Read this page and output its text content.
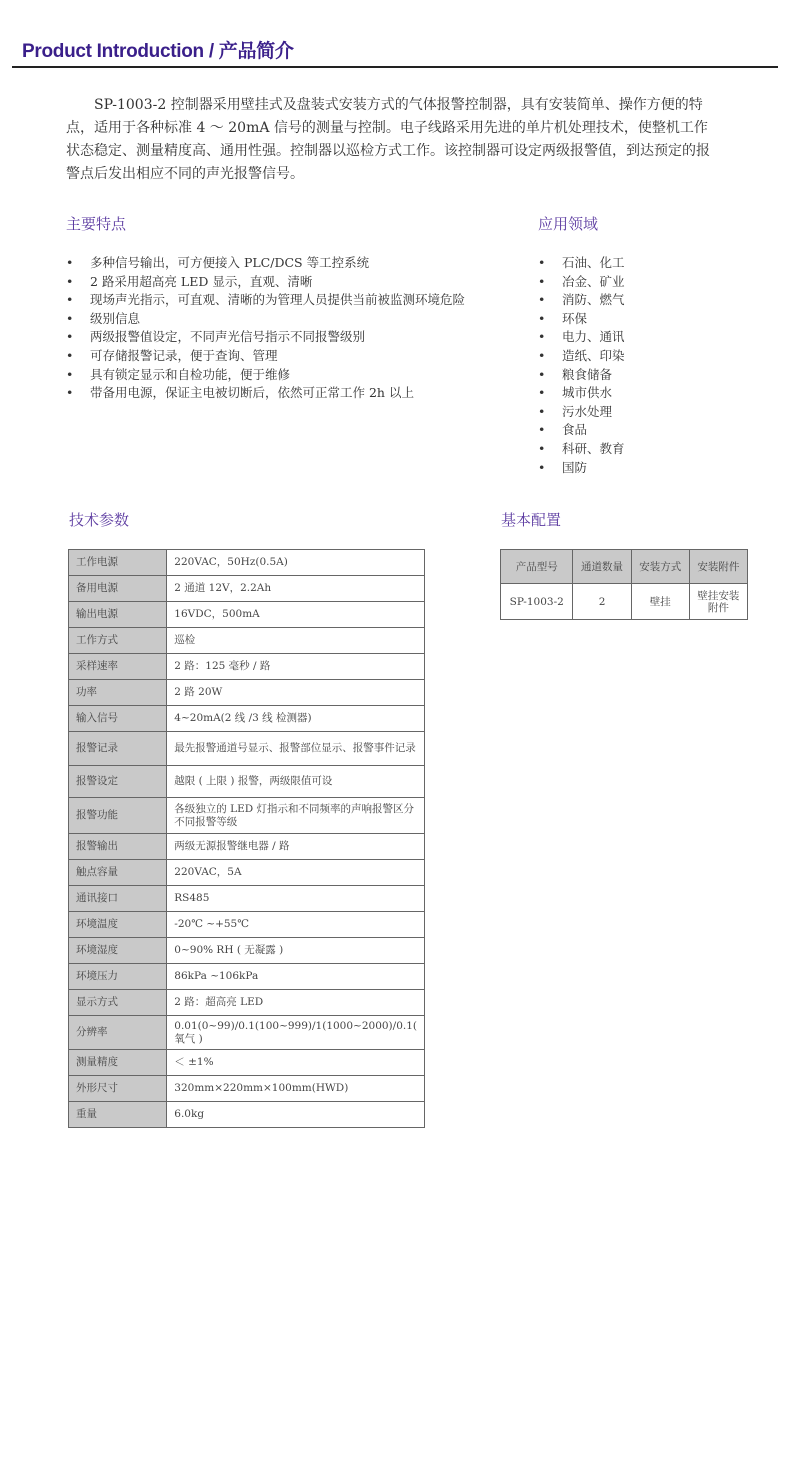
Product Introduction / 产品简介

SP-1003-2 控制器采用壁挂式及盘装式安装方式的气体报警控制器，具有安装简单、操作方便的特点，适用于各种标准 4 ～ 20mA 信号的测量与控制。电子线路采用先进的单片机处理技术，使整机工作状态稳定、测量精度高、通用性强。控制器以巡检方式工作。该控制器可设定两级报警值，到达预定的报警点后发出相应不同的声光报警信号。

主要特点
• 多种信号输出，可方便接入 PLC/DCS 等工控系统
• 2 路采用超高亮 LED 显示，直观、清晰
• 现场声光指示，可直观、清晰的为管理人员提供当前被监测环境危险
• 级别信息
• 两级报警值设定，不同声光信号指示不同报警级别
• 可存储报警记录，便于查询、管理
• 具有锁定显示和自检功能，便于维修
• 带备用电源，保证主电被切断后，依然可正常工作 2h 以上
应用领域
• 石油、化工
• 冶金、矿业
• 消防、燃气
• 环保
• 电力、通讯
• 造纸、印染
• 粮食储备
• 城市供水
• 污水处理
• 食品
• 科研、教育
• 国防
技术参数
工作电源	220VAC，50Hz(0.5A)
备用电源	2 通道 12V，2.2Ah
输出电源	16VDC，500mA
工作方式	巡检
采样速率	2 路：125 毫秒 / 路
功率	2 路 20W
输入信号	4~20mA(2 线 /3 线 检测器)
报警记录	最先报警通道号显示、报警部位显示、报警事件记录
报警设定	越限 ( 上限 ) 报警，两级限值可设
报警功能	各级独立的 LED 灯指示和不同频率的声响报警区分不同报警等级
报警输出	两级无源报警继电器 / 路
触点容量	220VAC，5A
通讯接口	RS485
环境温度	-20℃ ~+55℃
环境湿度	0~90% RH ( 无凝露 )
环境压力	86kPa ~106kPa
显示方式	2 路：超高亮 LED
分辨率	0.01(0~99)/0.1(100~999)/1(1000~2000)/0.1( 氧气 )
测量精度	＜ ±1%
外形尺寸	320mm×220mm×100mm(HWD)
重量	6.0kg
基本配置
产品型号	通道数量	安装方式	安装附件
SP-1003-2	2	壁挂	壁挂安装附件
